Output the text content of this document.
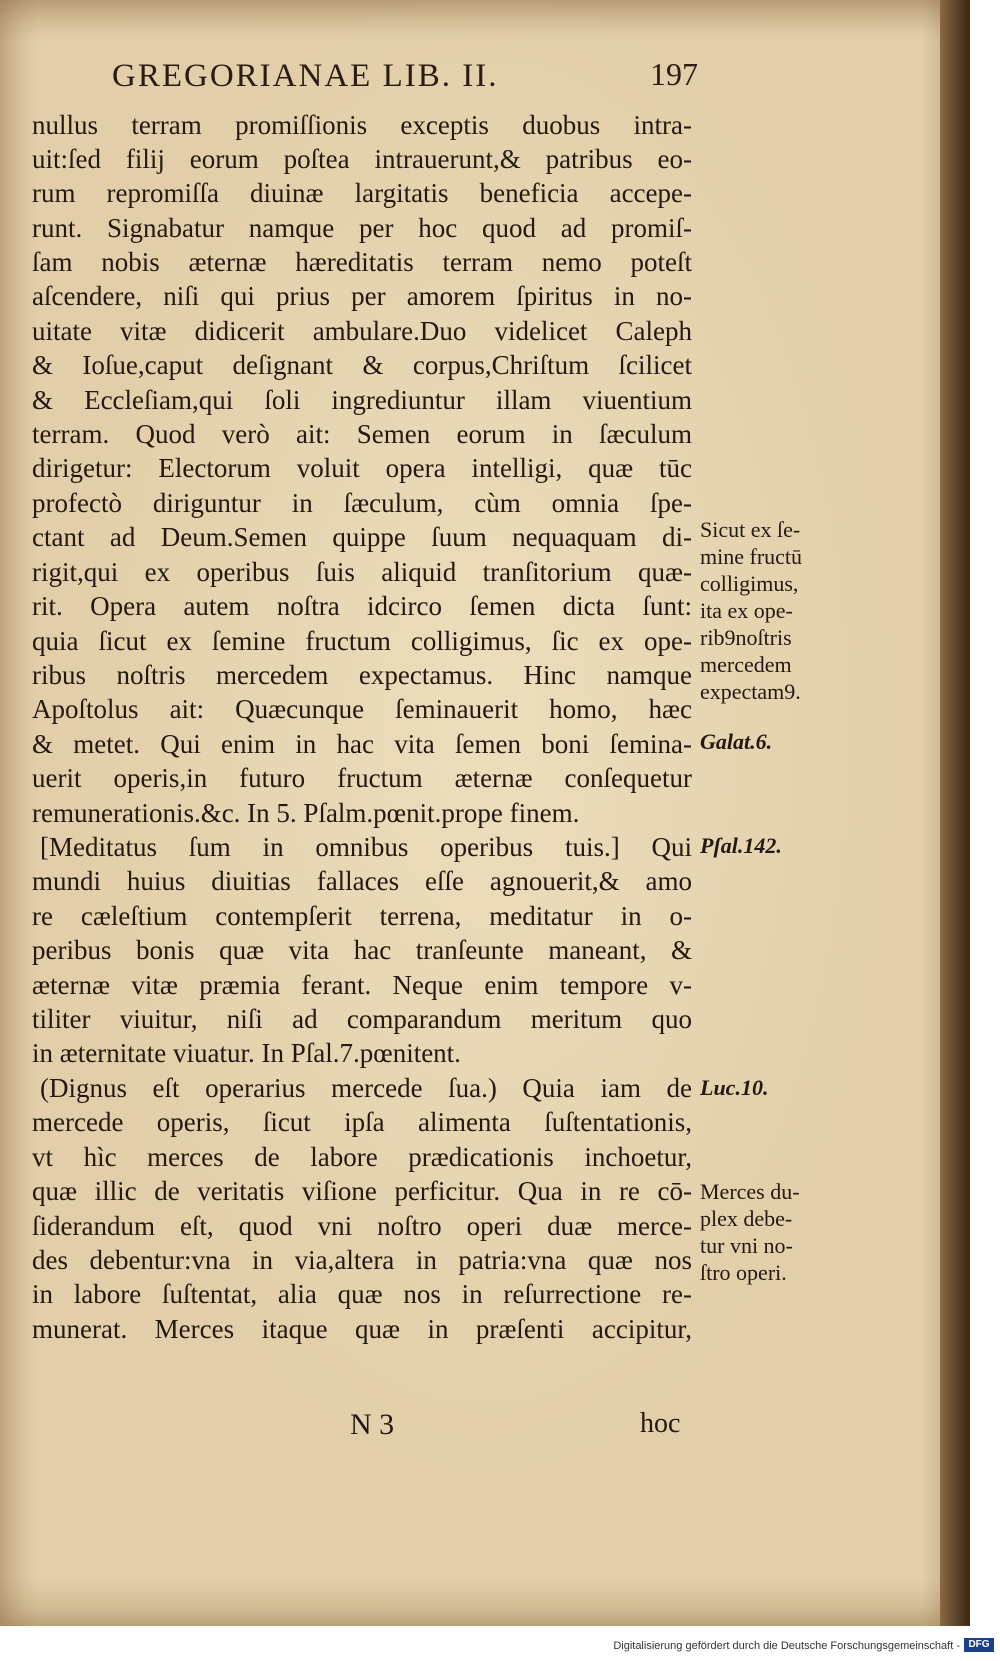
GREGORIANAE LIB. II.	197
nullus terram promiſſionis exceptis duobus intra-
uit:ſed filij eorum poſtea intrauerunt,& patribus eo-
rum repromiſſa diuinæ largitatis beneficia accepe-
runt. Signabatur namque per hoc quod ad promiſ-
ſam nobis æternæ hæreditatis terram nemo poteſt
aſcendere, niſi qui prius per amorem ſpiritus in no-
uitate vitæ didicerit ambulare.Duo videlicet Caleph
& Ioſue,caput deſignant & corpus,Chriſtum ſcilicet
& Eccleſiam,qui ſoli ingrediuntur illam viuentium
terram. Quod verò ait: Semen eorum in ſæculum
dirigetur: Electorum voluit opera intelligi, quæ tūc
profectò diriguntur in ſæculum, cùm omnia ſpe-
ctant ad Deum.Semen quippe ſuum nequaquam di-
rigit,qui ex operibus ſuis aliquid tranſitorium quæ-
rit. Opera autem noſtra idcirco ſemen dicta ſunt:
quia ſicut ex ſemine fructum colligimus, ſic ex ope-
ribus noſtris mercedem expectamus. Hinc namque
Apoſtolus ait: Quæcunque ſeminauerit homo, hæc
& metet. Qui enim in hac vita ſemen boni ſemina-
uerit operis,in futuro fructum æternæ conſequetur
remunerationis.&c. In 5. Pſalm.pœnit.prope finem.
[Meditatus ſum in omnibus operibus tuis.] Qui
mundi huius diuitias fallaces eſſe agnouerit,& amo
re cæleſtium contempſerit terrena, meditatur in o-
peribus bonis quæ vita hac tranſeunte maneant, &
æternæ vitæ præmia ferant. Neque enim tempore v-
tiliter viuitur, niſi ad comparandum meritum quo
in æternitate viuatur. In Pſal.7.pœnitent.
(Dignus eſt operarius mercede ſua.) Quia iam de
mercede operis, ſicut ipſa alimenta ſuſtentationis,
vt hìc merces de labore prædicationis inchoetur,
quæ illic de veritatis viſione perficitur. Qua in re cō-
ſiderandum eſt, quod vni noſtro operi duæ merce-
des debentur:vna in via,altera in patria:vna quæ nos
in labore ſuſtentat, alia quæ nos in reſurrectione re-
munerat. Merces itaque quæ in præſenti accipitur,
Sicut ex ſe-
mine fructū
colligimus,
ita ex ope-
rib9noſtris
mercedem
expectam9.
Galat.6.
Pſal.142.
Luc.10.
Merces du-
plex debe-
tur vni no-
ſtro operi.
N 3	hoc
Digitalisierung gefördert durch die Deutsche Forschungsgemeinschaft - DFG
